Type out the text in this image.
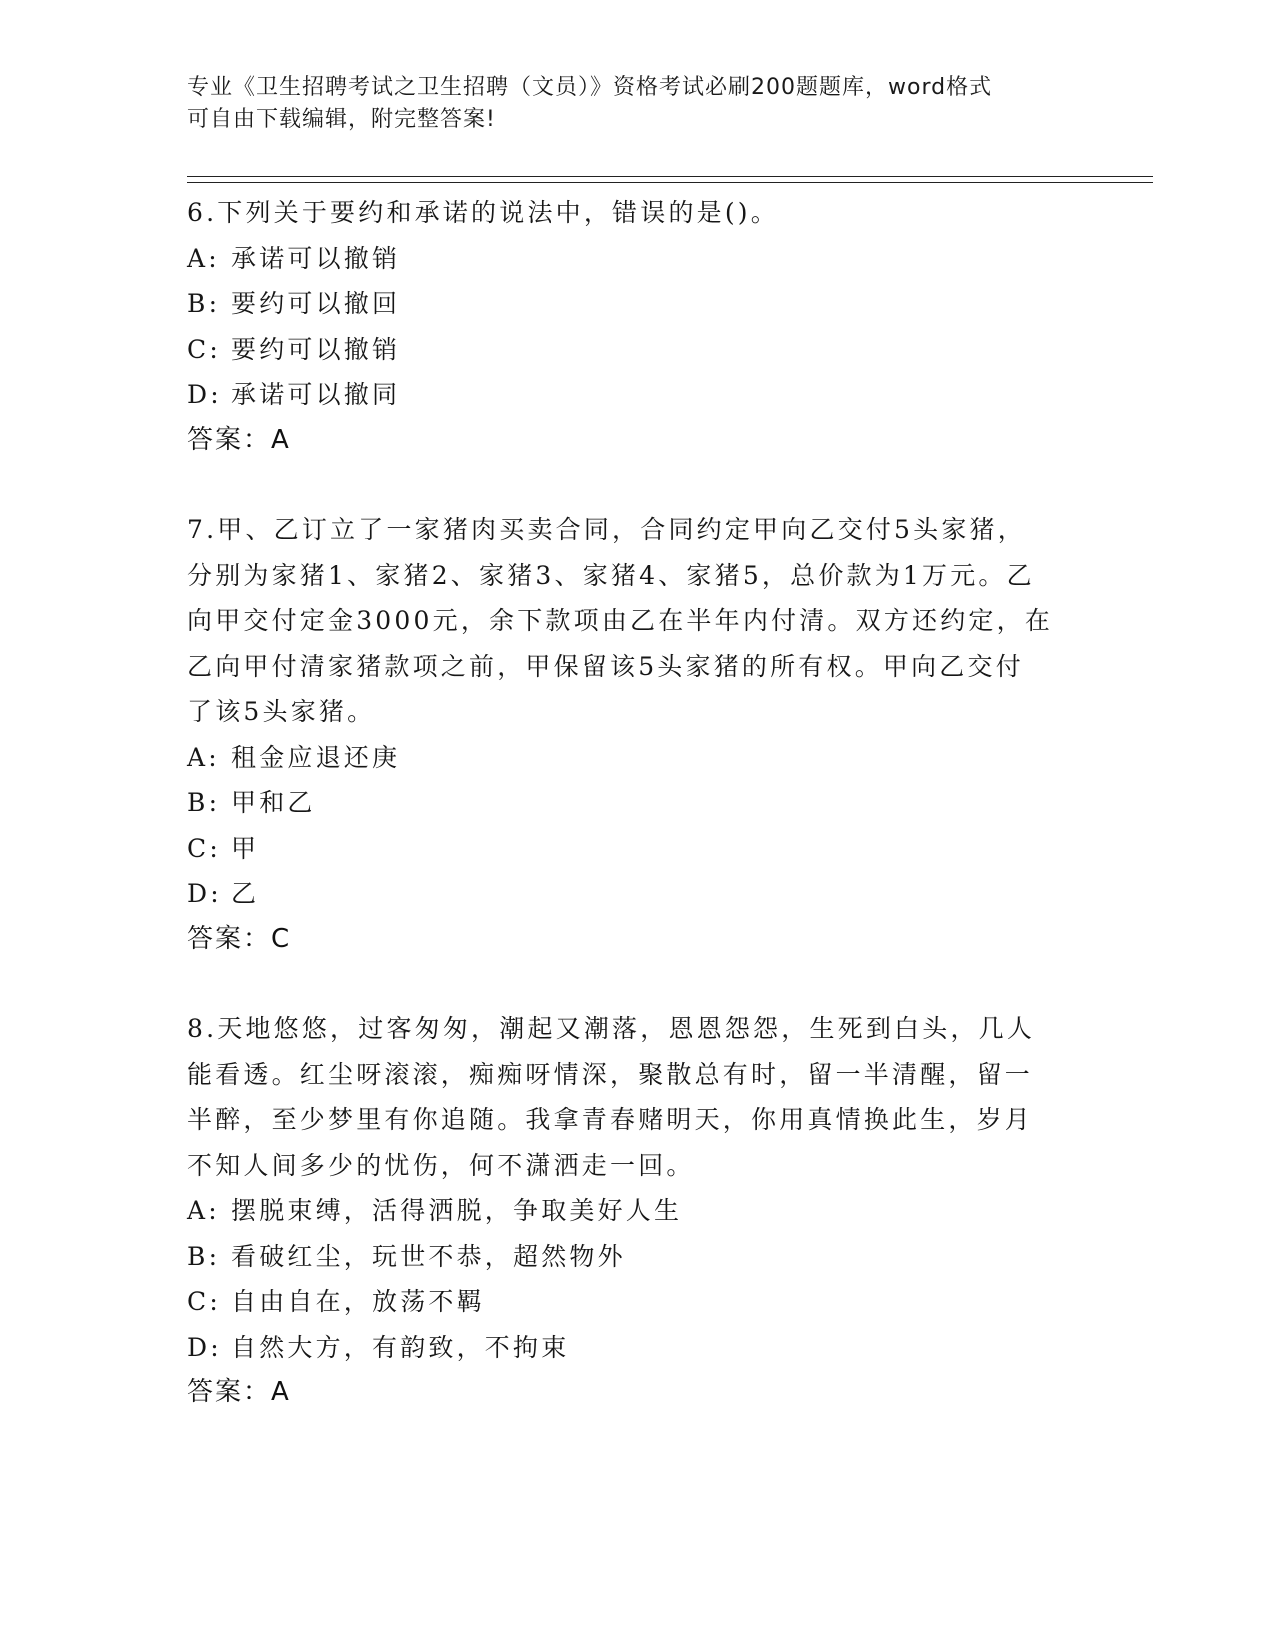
专业《卫生招聘考试之卫生招聘（文员）》资格考试必刷200题题库，word格式
可自由下载编辑，附完整答案!
6.下列关于要约和承诺的说法中，错误的是()。
A: 承诺可以撤销
B: 要约可以撤回
C: 要约可以撤销
D: 承诺可以撤同
答案：A
7.甲、乙订立了一家猪肉买卖合同，合同约定甲向乙交付5头家猪，
分别为家猪1、家猪2、家猪3、家猪4、家猪5，总价款为1万元。乙
向甲交付定金3000元，余下款项由乙在半年内付清。双方还约定，在
乙向甲付清家猪款项之前，甲保留该5头家猪的所有权。甲向乙交付
了该5头家猪。
A: 租金应退还庚
B: 甲和乙
C: 甲
D: 乙
答案：C
8.天地悠悠，过客匆匆，潮起又潮落，恩恩怨怨，生死到白头，几人
能看透。红尘呀滚滚，痴痴呀情深，聚散总有时，留一半清醒，留一
半醉，至少梦里有你追随。我拿青春赌明天，你用真情换此生，岁月
不知人间多少的忧伤，何不潇洒走一回。
A: 摆脱束缚，活得洒脱，争取美好人生
B: 看破红尘，玩世不恭，超然物外
C: 自由自在，放荡不羁
D: 自然大方，有韵致，不拘束
答案：A
